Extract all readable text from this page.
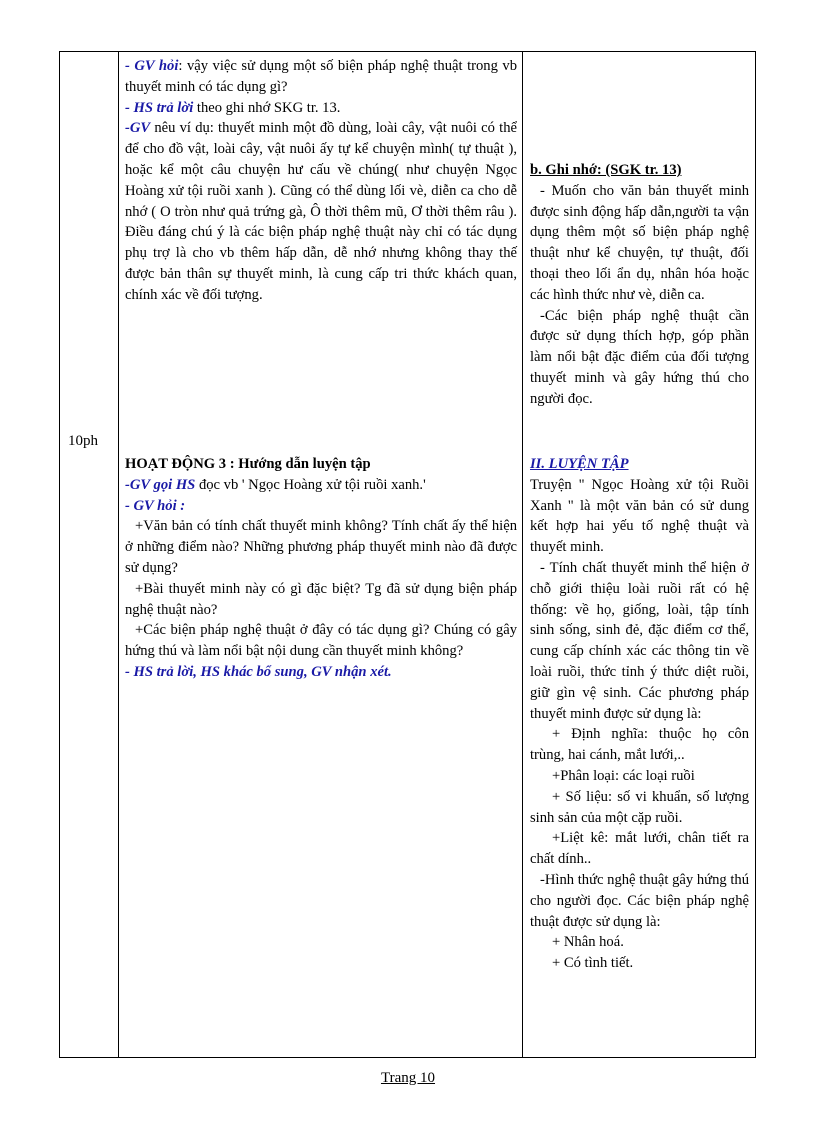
10ph

- GV hỏi: vậy việc sử dụng một số biện pháp nghệ thuật trong vb thuyết minh có tác dụng gì?

- HS trả lời theo ghi nhớ SKG tr. 13.

-GV nêu ví dụ: thuyết minh một đồ dùng, loài cây, vật nuôi có thể để cho đồ vật, loài cây, vật nuôi ấy tự kể chuyện mình( tự thuật ), hoặc kể một câu chuyện hư cấu về chúng( như chuyện Ngọc Hoàng xử tội ruồi xanh ). Cũng có thể dùng lối vè, diễn ca cho dễ nhớ ( O tròn như quả trứng gà, Ô thời thêm mũ, Ơ thời thêm râu ). Điều đáng chú ý là các biện pháp nghệ thuật này chỉ có tác dụng phụ trợ là cho vb thêm hấp dẫn, dễ nhớ nhưng không thay thế được bản thân sự thuyết minh, là cung cấp tri thức khách quan, chính xác về đối tượng.

HOẠT ĐỘNG 3 : Hướng dẫn luyện tập

-GV gọi HS đọc vb ' Ngọc Hoàng xử tội ruồi xanh.'

- GV hỏi :

+Văn bản có tính chất thuyết minh không? Tính chất ấy thể hiện ở những điểm nào? Những phương pháp thuyết minh nào đã được sử dụng?

+Bài thuyết minh này có gì đặc biệt? Tg đã sử dụng biện pháp nghệ thuật nào?

+Các biện pháp nghệ thuật ở đây có tác dụng gì? Chúng có gây hứng thú và làm nổi bật nội dung cần thuyết minh không?

- HS trả lời, HS khác bổ sung, GV nhận xét.

b. Ghi nhớ: (SGK tr. 13)

- Muốn cho văn bản thuyết minh được sinh động hấp dẫn,người ta vận dụng thêm một số biện pháp nghệ thuật như kể chuyện, tự thuật, đối thoại theo lối ẩn dụ, nhân hóa hoặc các hình thức như vè, diễn ca.

-Các biện pháp nghệ thuật cần được sử dụng thích hợp, góp phần làm nổi bật đặc điểm của đối tượng thuyết minh và gây hứng thú cho người đọc.

II. LUYỆN TẬP

Truyện " Ngọc Hoàng xử tội Ruồi Xanh " là một văn bản có sử dung kết hợp hai yếu tố nghệ thuật và thuyết minh.

- Tính chất thuyết minh thể hiện ở chỗ giới thiệu loài ruồi rất có hệ thống: về họ, giống, loài, tập tính sinh sống, sinh đẻ, đặc điểm cơ thể, cung cấp chính xác các thông tin về loài ruồi, thức tỉnh ý thức diệt ruồi, giữ gìn vệ sinh. Các phương pháp thuyết minh được sử dụng là:

+ Định nghĩa: thuộc họ côn trùng, hai cánh, mắt lưới,..

+Phân loại: các loại ruồi

+ Số liệu: số vi khuẩn, số lượng sinh sản của một cặp ruồi.

+Liệt kê: mắt lưới, chân tiết ra chất dính..

-Hình thức nghệ thuật gây hứng thú cho người đọc. Các biện pháp nghệ thuật được sử dụng là:

+ Nhân hoá.

+ Có tình tiết.

Trang 10
